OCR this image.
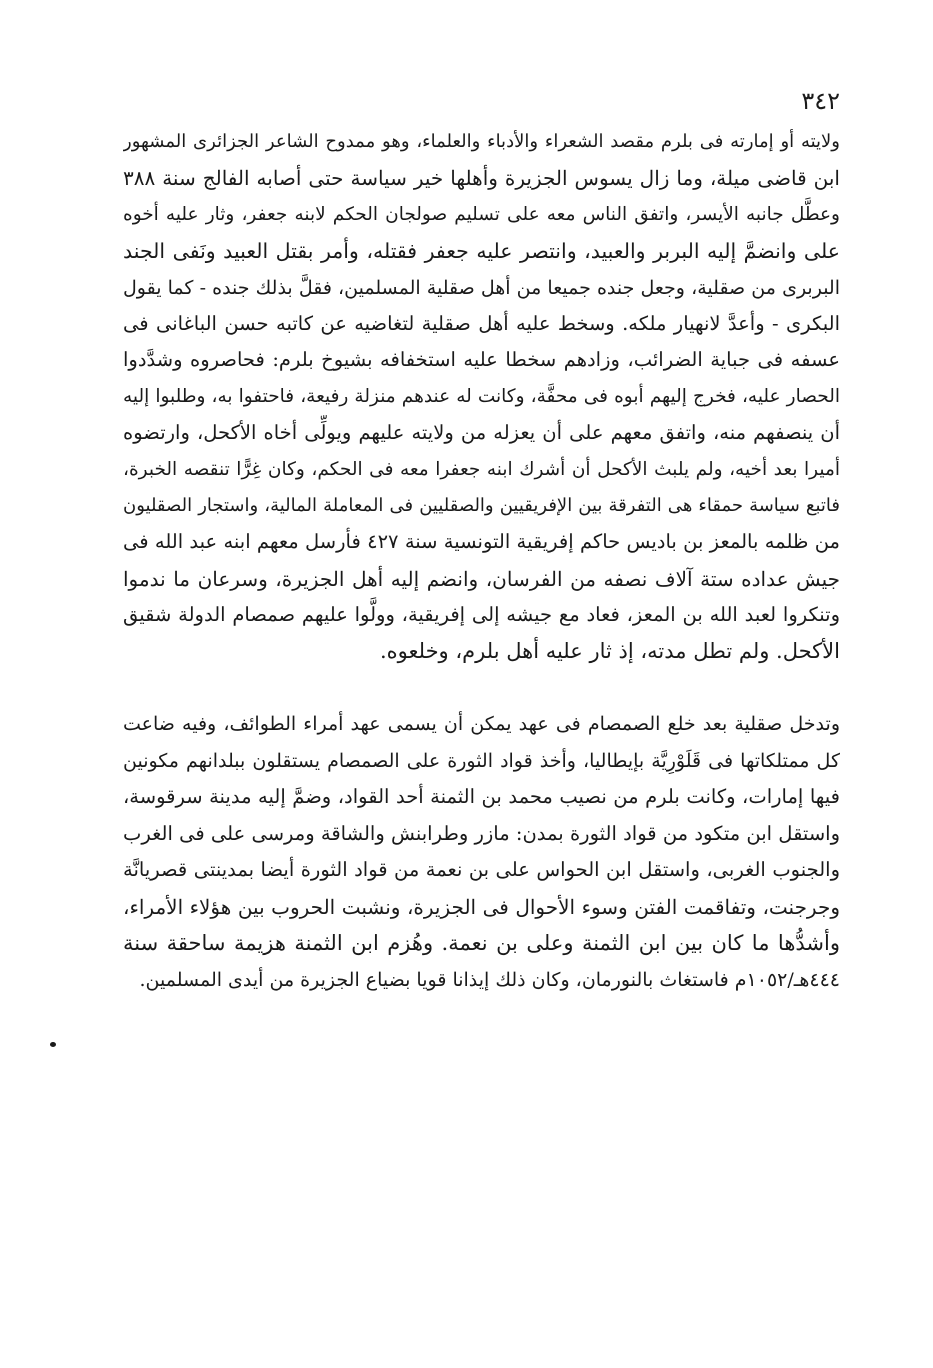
٣٤٢
ولايته أو إمارته فى بلرم مقصد الشعراء والأدباء والعلماء، وهو ممدوح الشاعر الجزائرى المشهور
ابن قاضى ميلة، وما زال يسوس الجزيرة وأهلها خير سياسة حتى أصابه الفالج سنة ٣٨٨
وعطَّل جانبه الأيسر، واتفق الناس معه على تسليم صولجان الحكم لابنه جعفر، وثار عليه أخوه
على وانضمَّ إليه البربر والعبيد، وانتصر عليه جعفر فقتله، وأمر بقتل العبيد ونَفى الجند
البربرى من صقلية، وجعل جنده جميعا من أهل صقلية المسلمين، فقلَّ بذلك جنده - كما يقول
البكرى - وأعدَّ لانهيار ملكه. وسخط عليه أهل صقلية لتغاضيه عن كاتبه حسن الباغانى فى
عسفه فى جباية الضرائب، وزادهم سخطا عليه استخفافه بشيوخ بلرم: فحاصروه وشدَّدوا
الحصار عليه، فخرج إليهم أبوه فى محفَّة، وكانت له عندهم منزلة رفيعة، فاحتفوا به، وطلبوا إليه
أن ينصفهم منه، واتفق معهم على أن يعزله من ولايته عليهم ويولِّى أخاه الأكحل، وارتضوه
أميرا بعد أخيه، ولم يلبث الأكحل أن أشرك ابنه جعفرا معه فى الحكم، وكان غِرًّا تنقصه الخبرة،
فاتبع سياسة حمقاء هى التفرقة بين الإفريقيين والصقليين فى المعاملة المالية، واستجار الصقليون
من ظلمه بالمعز بن باديس حاكم إفريقية التونسية سنة ٤٢٧ فأرسل معهم ابنه عبد الله فى
جيش عداده ستة آلاف نصفه من الفرسان، وانضم إليه أهل الجزيرة، وسرعان ما ندموا
وتنكروا لعبد الله بن المعز، فعاد مع جيشه إلى إفريقية، وولَّوا عليهم صمصام الدولة شقيق
الأكحل. ولم تطل مدته، إذ ثار عليه أهل بلرم، وخلعوه.
وتدخل صقلية بعد خلع الصمصام فى عهد يمكن أن يسمى عهد أمراء الطوائف، وفيه ضاعت
كل ممتلكاتها فى قَلَوْرِيَّة بإيطاليا، وأخذ قواد الثورة على الصمصام يستقلون ببلدانهم مكونين
فيها إمارات، وكانت بلرم من نصيب محمد بن الثمنة أحد القواد، وضمَّ إليه مدينة سرقوسة،
واستقل ابن متكود من قواد الثورة بمدن: مازر وطرابنش والشاقة ومرسى على فى الغرب
والجنوب الغربى، واستقل ابن الحواس على بن نعمة من قواد الثورة أيضا بمدينتى قصريانَّة
وجرجنت، وتفاقمت الفتن وسوء الأحوال فى الجزيرة، ونشبت الحروب بين هؤلاء الأمراء،
وأشدُّها ما كان بين ابن الثمنة وعلى بن نعمة. وهُزم ابن الثمنة هزيمة ساحقة سنة
٤٤٤هـ/١٠٥٢م فاستغاث بالنورمان، وكان ذلك إيذانا قويا بضياع الجزيرة من أيدى المسلمين.
